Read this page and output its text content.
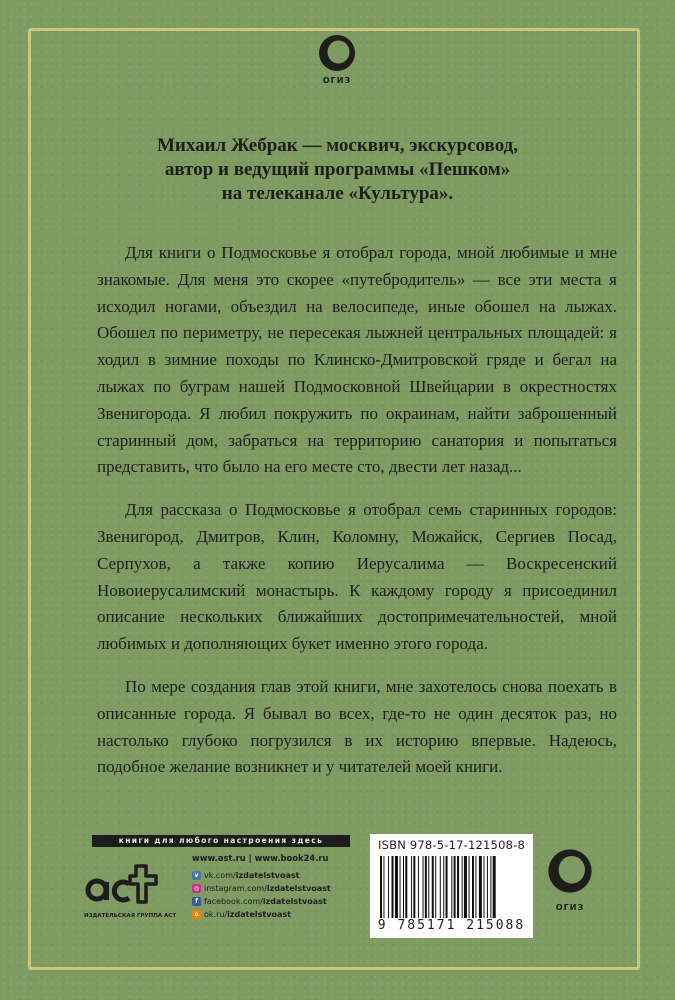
ОГИЗ
Михаил Жебрак — москвич, экскурсовод,
автор и ведущий программы «Пешком»
на телеканале «Культура».

Для книги о Подмосковье я отобрал города, мной любимые и мне знакомые. Для меня это скорее «путебродитель» — все эти места я исходил ногами, объездил на велосипеде, иные обошел на лыжах. Обошел по периметру, не пересекая лыжней центральных площадей: я ходил в зимние походы по Клинско-Дмитровской гряде и бегал на лыжах по буграм нашей Подмосковной Швейцарии в окрестностях Звенигорода. Я любил покружить по окраинам, найти заброшенный старинный дом, забраться на территорию санатория и попытаться представить, что было на его месте сто, двести лет назад...

Для рассказа о Подмосковье я отобрал семь старинных городов: Звенигород, Дмитров, Клин, Коломну, Можайск, Сергиев Посад, Серпухов, а также копию Иерусалима — Воскресенский Новоиерусалимский монастырь. К каждому городу я присоединил описание нескольких ближайших достопримечательностей, мной любимых и дополняющих букет именно этого города.

По мере создания глав этой книги, мне захотелось снова поехать в описанные города. Я бывал во всех, где-то не один десяток раз, но настолько глубоко погрузился в их историю впервые. Надеюсь, подобное желание возникнет и у читателей моей книги.

книги для любого настроения здесь
ИЗДАТЕЛЬСКАЯ ГРУППА АСТ
www.ast.ru | www.book24.ru
v vk.com/ izdatelstvoast
◎ instagram.com/ izdatelstvoast
f facebook.com/ izdatelstvoast
o ok.ru/ izdatelstvoast
ISBN 978-5-17-121508-8
9 785171 215088
ОГИЗ
